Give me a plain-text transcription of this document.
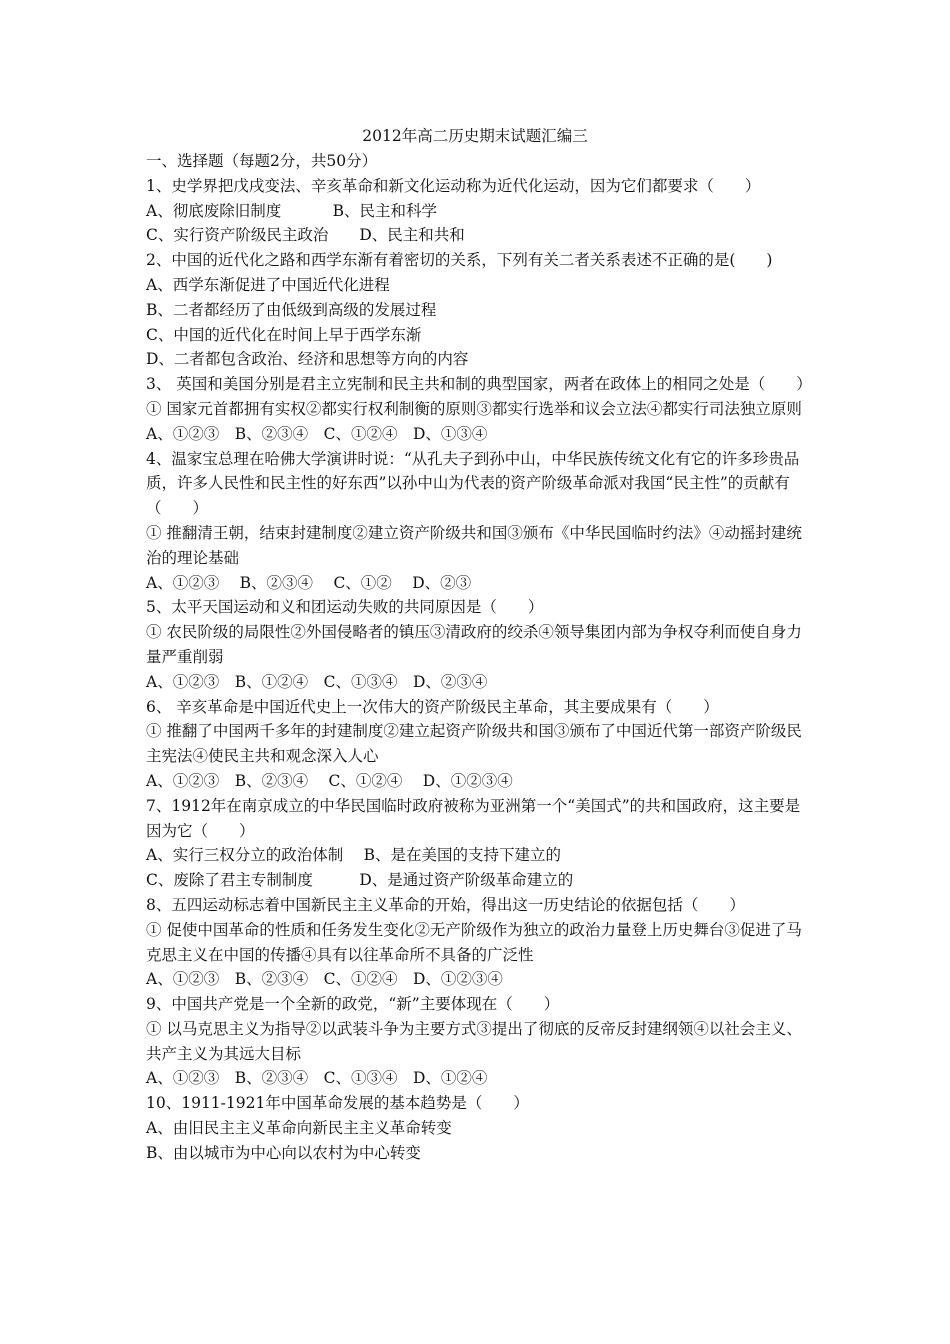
2012年高二历史期末试题汇编三

一、选择题（每题2分，共50分）

1、史学界把戊戌变法、辛亥革命和新文化运动称为近代化运动，因为它们都要求（　　）

A、彻底废除旧制度　　　 B、民主和科学

C、实行资产阶级民主政治　　D、民主和共和

2、中国的近代化之路和西学东渐有着密切的关系，下列有关二者关系表述不正确的是(　　)

A、西学东渐促进了中国近代化进程

B、二者都经历了由低级到高级的发展过程

C、中国的近代化在时间上早于西学东渐

D、二者都包含政治、经济和思想等方向的内容

3、 英国和美国分别是君主立宪制和民主共和制的典型国家，两者在政体上的相同之处是（　　）

① 国家元首都拥有实权②都实行权利制衡的原则③都实行选举和议会立法④都实行司法独立原则

A、①②③　B、②③④　C、①②④　D、①③④

4、温家宝总理在哈佛大学演讲时说：“从孔夫子到孙中山，中华民族传统文化有它的许多珍贵品质，许多人民性和民主性的好东西”以孙中山为代表的资产阶级革命派对我国“民主性”的贡献有（　　）

① 推翻清王朝，结束封建制度②建立资产阶级共和国③颁布《中华民国临时约法》④动摇封建统治的理论基础

A、①②③　 B、②③④　 C、①②　 D、②③

5、太平天国运动和义和团运动失败的共同原因是（　　）

① 农民阶级的局限性②外国侵略者的镇压③清政府的绞杀④领导集团内部为争权夺利而使自身力量严重削弱

A、①②③　B、①②④　C、①③④　D、②③④

6、 辛亥革命是中国近代史上一次伟大的资产阶级民主革命，其主要成果有（　　）

① 推翻了中国两千多年的封建制度②建立起资产阶级共和国③颁布了中国近代第一部资产阶级民主宪法④使民主共和观念深入人心

A、①②③　B、②③④　 C、①②④　 D、①②③④

7、1912年在南京成立的中华民国临时政府被称为亚洲第一个“美国式”的共和国政府，这主要是因为它（　　）

A、实行三权分立的政治体制　 B、是在美国的支持下建立的

C、废除了君主专制制度　　　D、是通过资产阶级革命建立的

8、五四运动标志着中国新民主主义革命的开始，得出这一历史结论的依据包括（　　）

① 促使中国革命的性质和任务发生变化②无产阶级作为独立的政治力量登上历史舞台③促进了马克思主义在中国的传播④具有以往革命所不具备的广泛性

A、①②③　B、②③④　C、①②④　D、①②③④

9、中国共产党是一个全新的政党，“新”主要体现在（　　）

① 以马克思主义为指导②以武装斗争为主要方式③提出了彻底的反帝反封建纲领④以社会主义、共产主义为其远大目标

A、①②③　B、②③④　C、①③④　D、①②④

10、1911-1921年中国革命发展的基本趋势是（　　）

A、由旧民主主义革命向新民主主义革命转变

B、由以城市为中心向以农村为中心转变
